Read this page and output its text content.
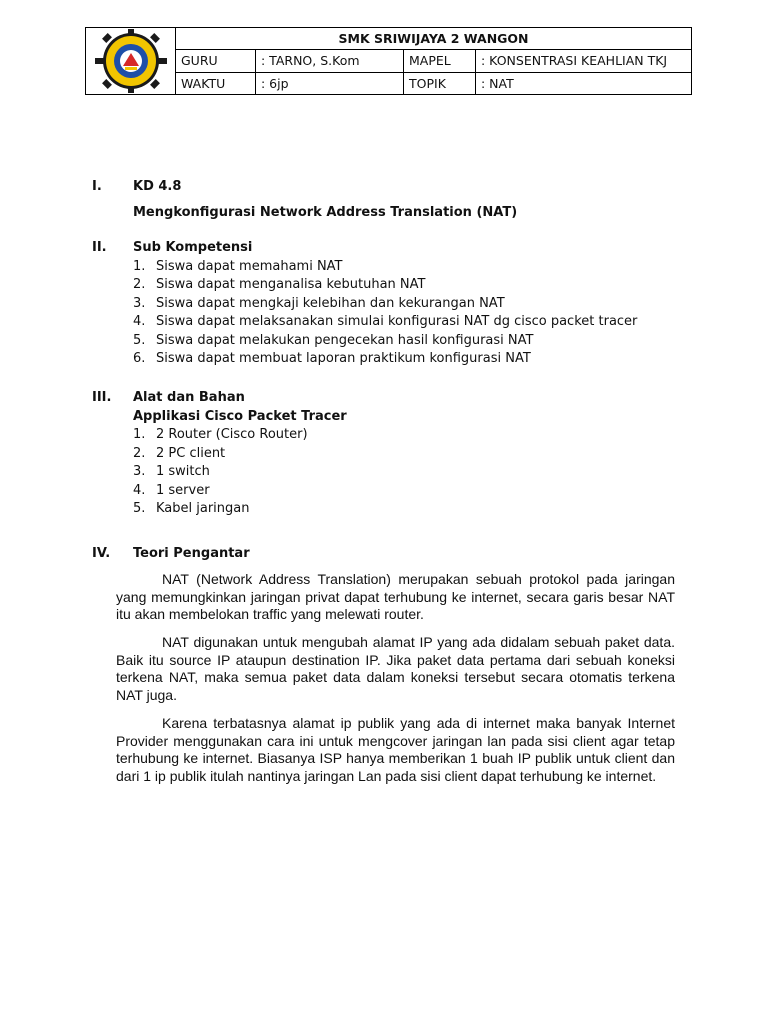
	SMK SRIWIJAYA 2 WANGON			
	GURU	: TARNO, S.Kom	MAPEL	: KONSENTRASI KEAHLIAN TKJ
	WAKTU	: 6jp	TOPIK	: NAT
I. KD 4.8
Mengkonfigurasi Network Address Translation (NAT)
II. Sub Kompetensi
1. Siswa dapat memahami NAT
2. Siswa dapat menganalisa kebutuhan NAT
3. Siswa dapat mengkaji kelebihan dan kekurangan NAT
4. Siswa dapat melaksanakan simulai konfigurasi NAT dg cisco packet tracer
5. Siswa dapat melakukan pengecekan hasil konfigurasi NAT
6. Siswa dapat membuat laporan praktikum konfigurasi NAT
III. Alat dan Bahan
Applikasi Cisco Packet Tracer
1. 2 Router (Cisco Router)
2. 2 PC client
3. 1 switch
4. 1 server
5. Kabel jaringan
IV. Teori Pengantar

NAT (Network Address Translation) merupakan sebuah protokol pada jaringan yang memungkinkan jaringan privat dapat terhubung ke internet, secara garis besar NAT itu akan membelokan traffic yang melewati router.

NAT digunakan untuk mengubah alamat IP yang ada didalam sebuah paket data. Baik itu source IP ataupun destination IP. Jika paket data pertama dari sebuah koneksi terkena NAT, maka semua paket data dalam koneksi tersebut secara otomatis terkena NAT juga.

Karena terbatasnya alamat ip publik yang ada di internet maka banyak Internet Provider menggunakan cara ini untuk mengcover jaringan lan pada sisi client agar tetap terhubung ke internet. Biasanya ISP hanya memberikan 1 buah IP publik untuk client dan dari 1 ip publik itulah nantinya jaringan Lan pada sisi client dapat terhubung ke internet.
